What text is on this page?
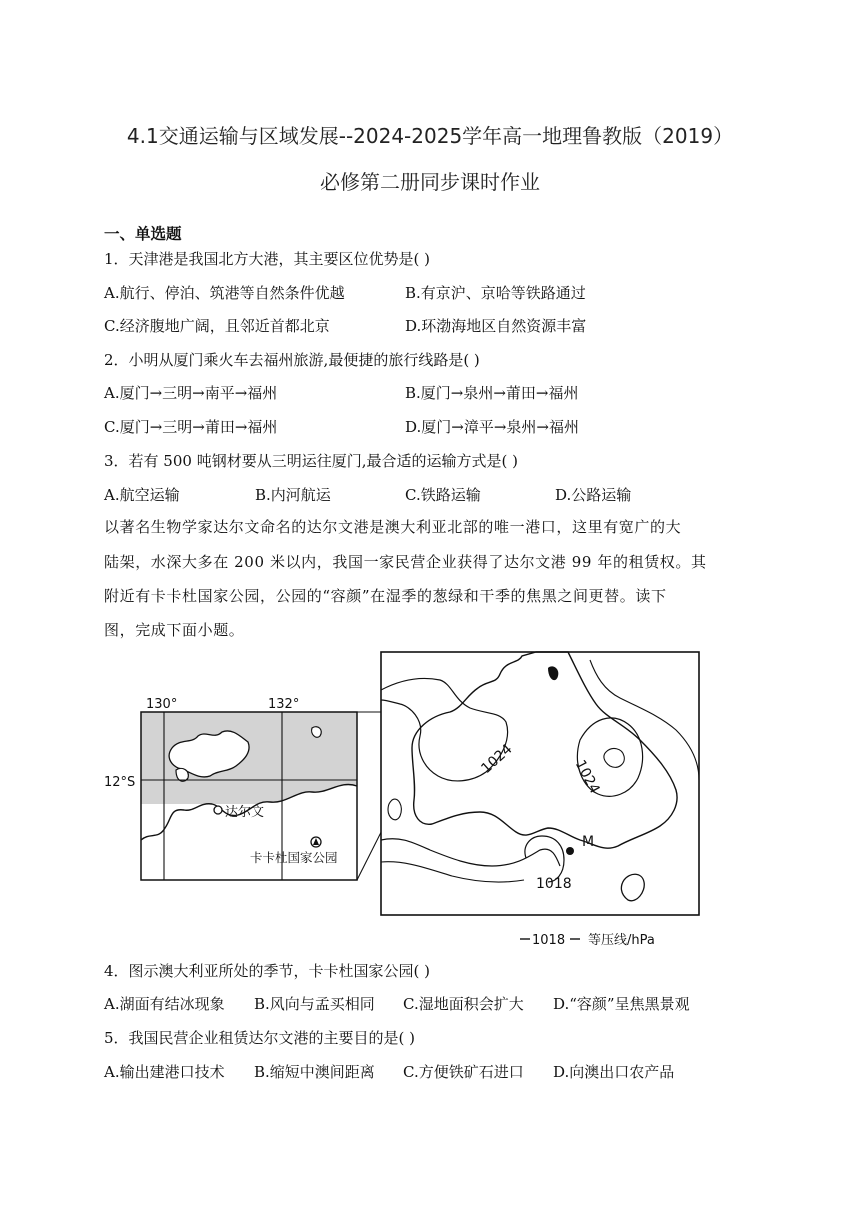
4.1交通运输与区域发展--2024-2025学年高一地理鲁教版（2019）

必修第二册同步课时作业

一、单选题

1．天津港是我国北方大港，其主要区位优势是( )

A.航行、停泊、筑港等自然条件优越	B.有京沪、京哈等铁路通过

C.经济腹地广阔，且邻近首都北京	D.环渤海地区自然资源丰富

2．小明从厦门乘火车去福州旅游,最便捷的旅行线路是( )

A.厦门→三明→南平→福州	B.厦门→泉州→莆田→福州

C.厦门→三明→莆田→福州	D.厦门→漳平→泉州→福州

3．若有 500 吨钢材要从三明运往厦门,最合适的运输方式是( )

A.航空运输	B.内河航运	C.铁路运输	D.公路运输

以著名生物学家达尔文命名的达尔文港是澳大利亚北部的唯一港口，这里有宽广的大

陆架，水深大多在 200 米以内，我国一家民营企业获得了达尔文港 99 年的租赁权。其

附近有卡卡杜国家公园，公园的“容颜”在湿季的葱绿和干季的焦黑之间更替。读下

图，完成下面小题。

130°	132°
12°S
达尔文
卡卡杜国家公园
1024	1024
1018
M
1018 等压线/hPa

4．图示澳大利亚所处的季节，卡卡杜国家公园( )

A.湖面有结冰现象 B.风向与孟买相同 C.湿地面积会扩大 D.“容颜”呈焦黑景观

5．我国民营企业租赁达尔文港的主要目的是( )

A.输出建港口技术 B.缩短中澳间距离 C.方便铁矿石进口 D.向澳出口农产品
